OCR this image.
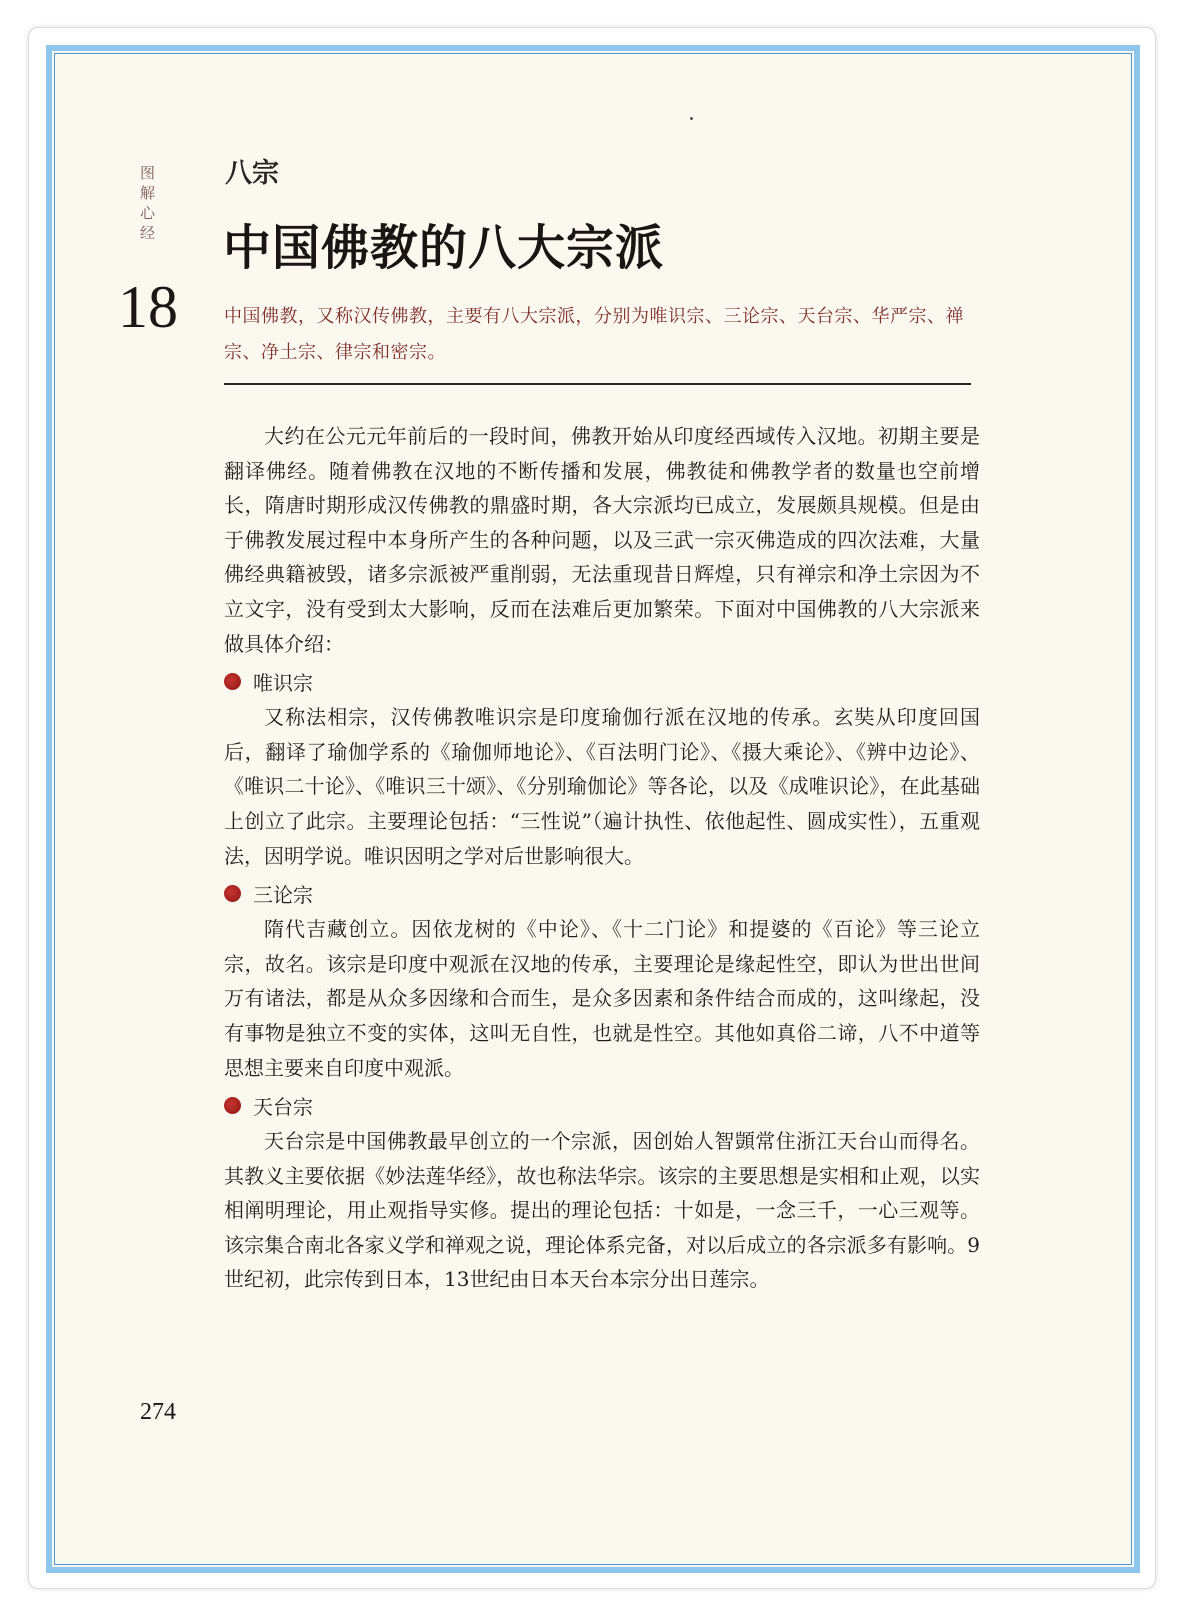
图解心经
18
八宗
中国佛教的八大宗派
中国佛教，又称汉传佛教，主要有八大宗派，分别为唯识宗、三论宗、天台宗、华严宗、禅宗、净土宗、律宗和密宗。

大约在公元元年前后的一段时间，佛教开始从印度经西域传入汉地。初期主要是翻译佛经。随着佛教在汉地的不断传播和发展，佛教徒和佛教学者的数量也空前增长，隋唐时期形成汉传佛教的鼎盛时期，各大宗派均已成立，发展颇具规模。但是由于佛教发展过程中本身所产生的各种问题，以及三武一宗灭佛造成的四次法难，大量佛经典籍被毁，诸多宗派被严重削弱，无法重现昔日辉煌，只有禅宗和净土宗因为不立文字，没有受到太大影响，反而在法难后更加繁荣。下面对中国佛教的八大宗派来做具体介绍：

唯识宗

又称法相宗，汉传佛教唯识宗是印度瑜伽行派在汉地的传承。玄奘从印度回国后，翻译了瑜伽学系的《瑜伽师地论》、《百法明门论》、《摄大乘论》、《辨中边论》、《唯识二十论》、《唯识三十颂》、《分别瑜伽论》等各论，以及《成唯识论》，在此基础上创立了此宗。主要理论包括：“三性说”（遍计执性、依他起性、圆成实性），五重观法，因明学说。唯识因明之学对后世影响很大。

三论宗

隋代吉藏创立。因依龙树的《中论》、《十二门论》和提婆的《百论》等三论立宗，故名。该宗是印度中观派在汉地的传承，主要理论是缘起性空，即认为世出世间万有诸法，都是从众多因缘和合而生，是众多因素和条件结合而成的，这叫缘起，没有事物是独立不变的实体，这叫无自性，也就是性空。其他如真俗二谛，八不中道等思想主要来自印度中观派。

天台宗

天台宗是中国佛教最早创立的一个宗派，因创始人智顗常住浙江天台山而得名。其教义主要依据《妙法莲华经》，故也称法华宗。该宗的主要思想是实相和止观，以实相阐明理论，用止观指导实修。提出的理论包括：十如是，一念三千，一心三观等。该宗集合南北各家义学和禅观之说，理论体系完备，对以后成立的各宗派多有影响。9世纪初，此宗传到日本，13世纪由日本天台本宗分出日莲宗。

274
